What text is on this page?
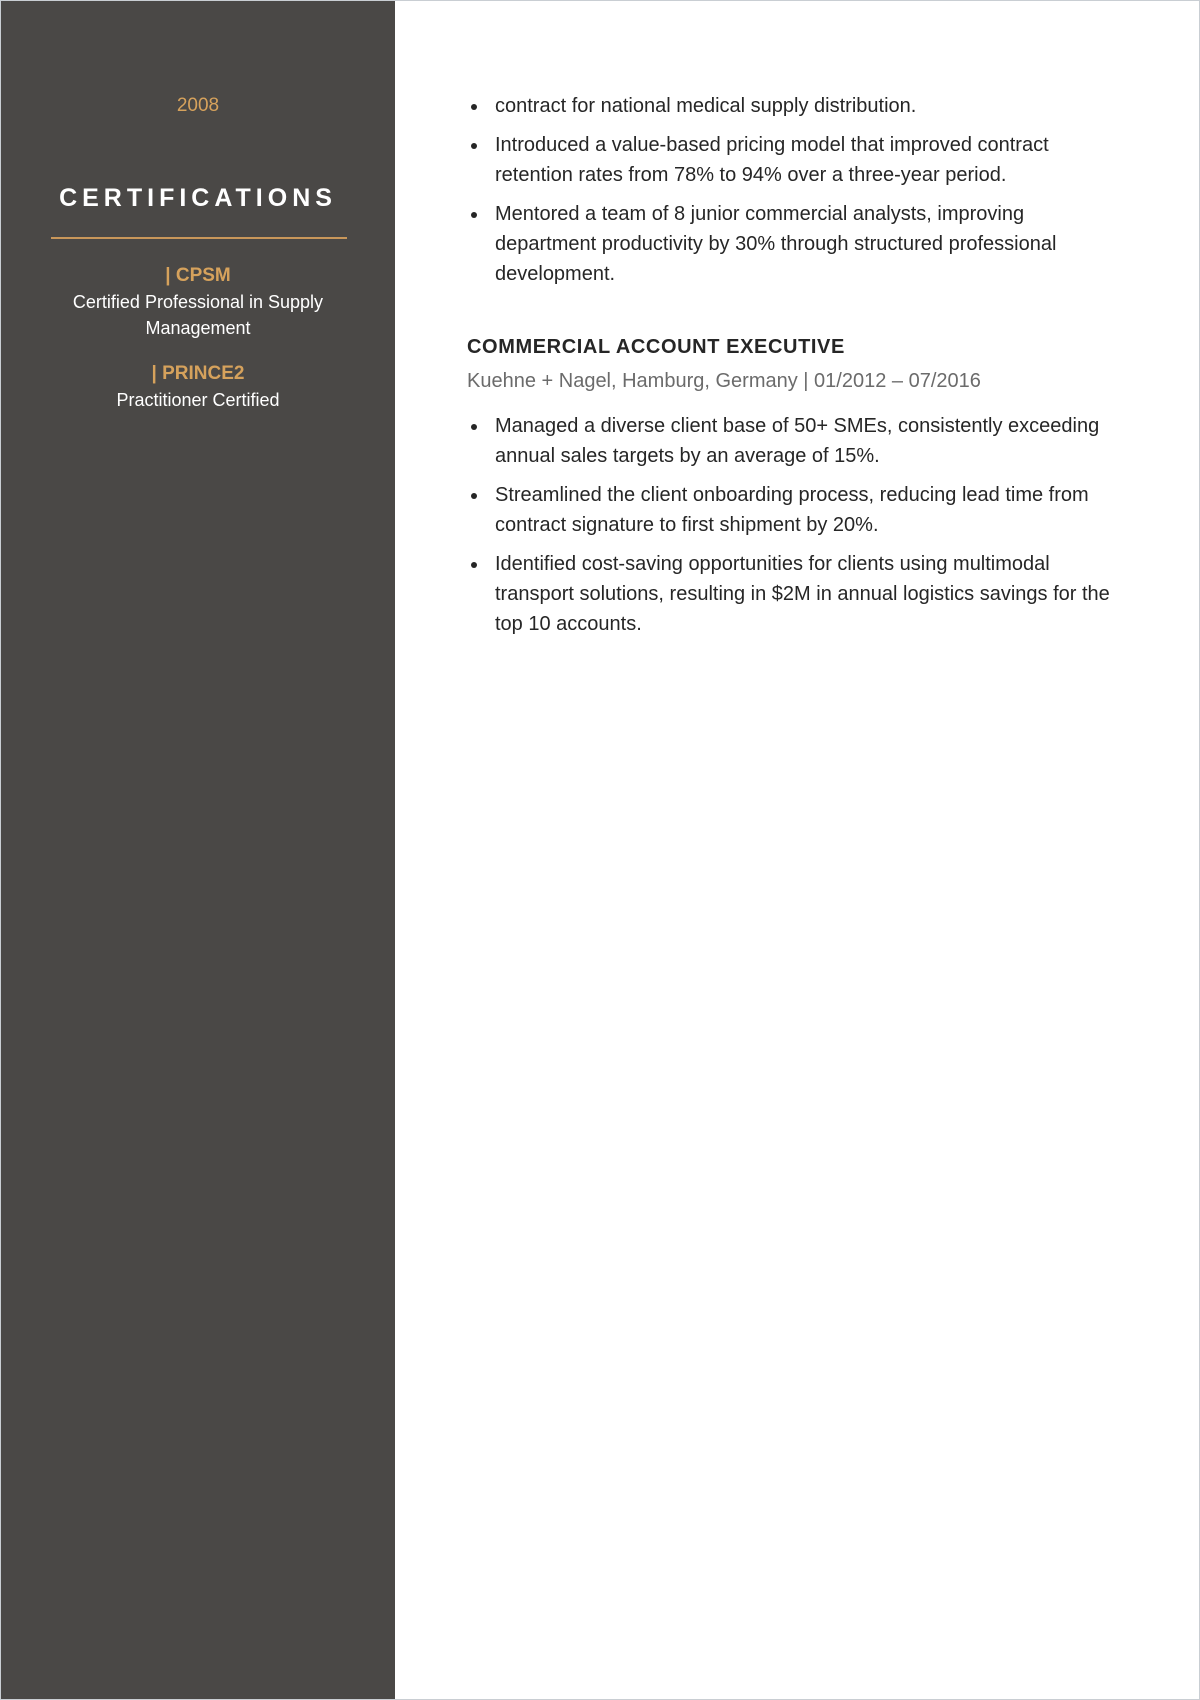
2008
CERTIFICATIONS
| CPSM
Certified Professional in Supply Management
| PRINCE2
Practitioner Certified
contract for national medical supply distribution.
Introduced a value-based pricing model that improved contract retention rates from 78% to 94% over a three-year period.
Mentored a team of 8 junior commercial analysts, improving department productivity by 30% through structured professional development.
COMMERCIAL ACCOUNT EXECUTIVE
Kuehne + Nagel, Hamburg, Germany | 01/2012 – 07/2016
Managed a diverse client base of 50+ SMEs, consistently exceeding annual sales targets by an average of 15%.
Streamlined the client onboarding process, reducing lead time from contract signature to first shipment by 20%.
Identified cost-saving opportunities for clients using multimodal transport solutions, resulting in $2M in annual logistics savings for the top 10 accounts.
